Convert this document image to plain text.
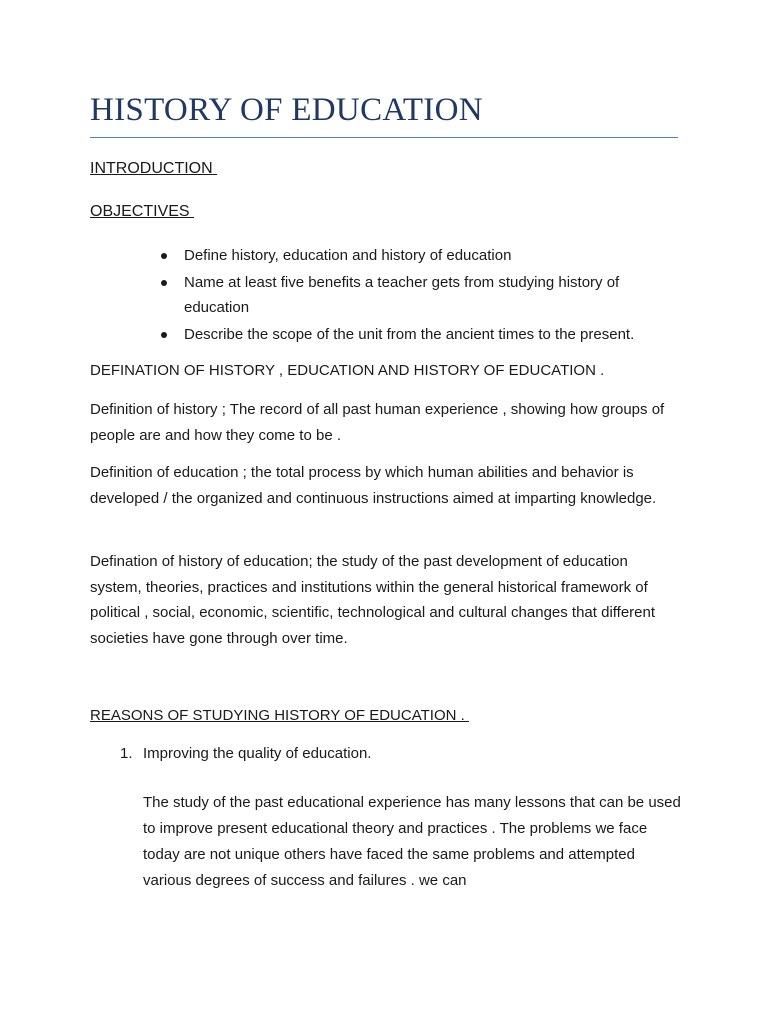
HISTORY OF EDUCATION
INTRODUCTION
OBJECTIVES
Define history, education and history of education
Name at least five benefits a teacher gets from studying history of education
Describe the scope of the unit from the ancient times to the present.

DEFINATION OF HISTORY , EDUCATION AND HISTORY OF EDUCATION .

Definition of history ; The record of all past human experience , showing how groups of people are and how they come to be .

Definition of education ; the total process by which human abilities and behavior is developed / the organized and continuous instructions aimed at imparting knowledge.

Defination of history of education; the study of the past development of education system, theories, practices and institutions within the general historical framework of political , social, economic, scientific, technological and cultural changes that different societies have gone through over time.

REASONS OF STUDYING HISTORY OF EDUCATION .

1. Improving the quality of education.

The study of the past educational experience has many lessons that can be used to improve present educational theory and practices . The problems we face today are not unique others have faced the same problems and attempted various degrees of success and failures . we can
